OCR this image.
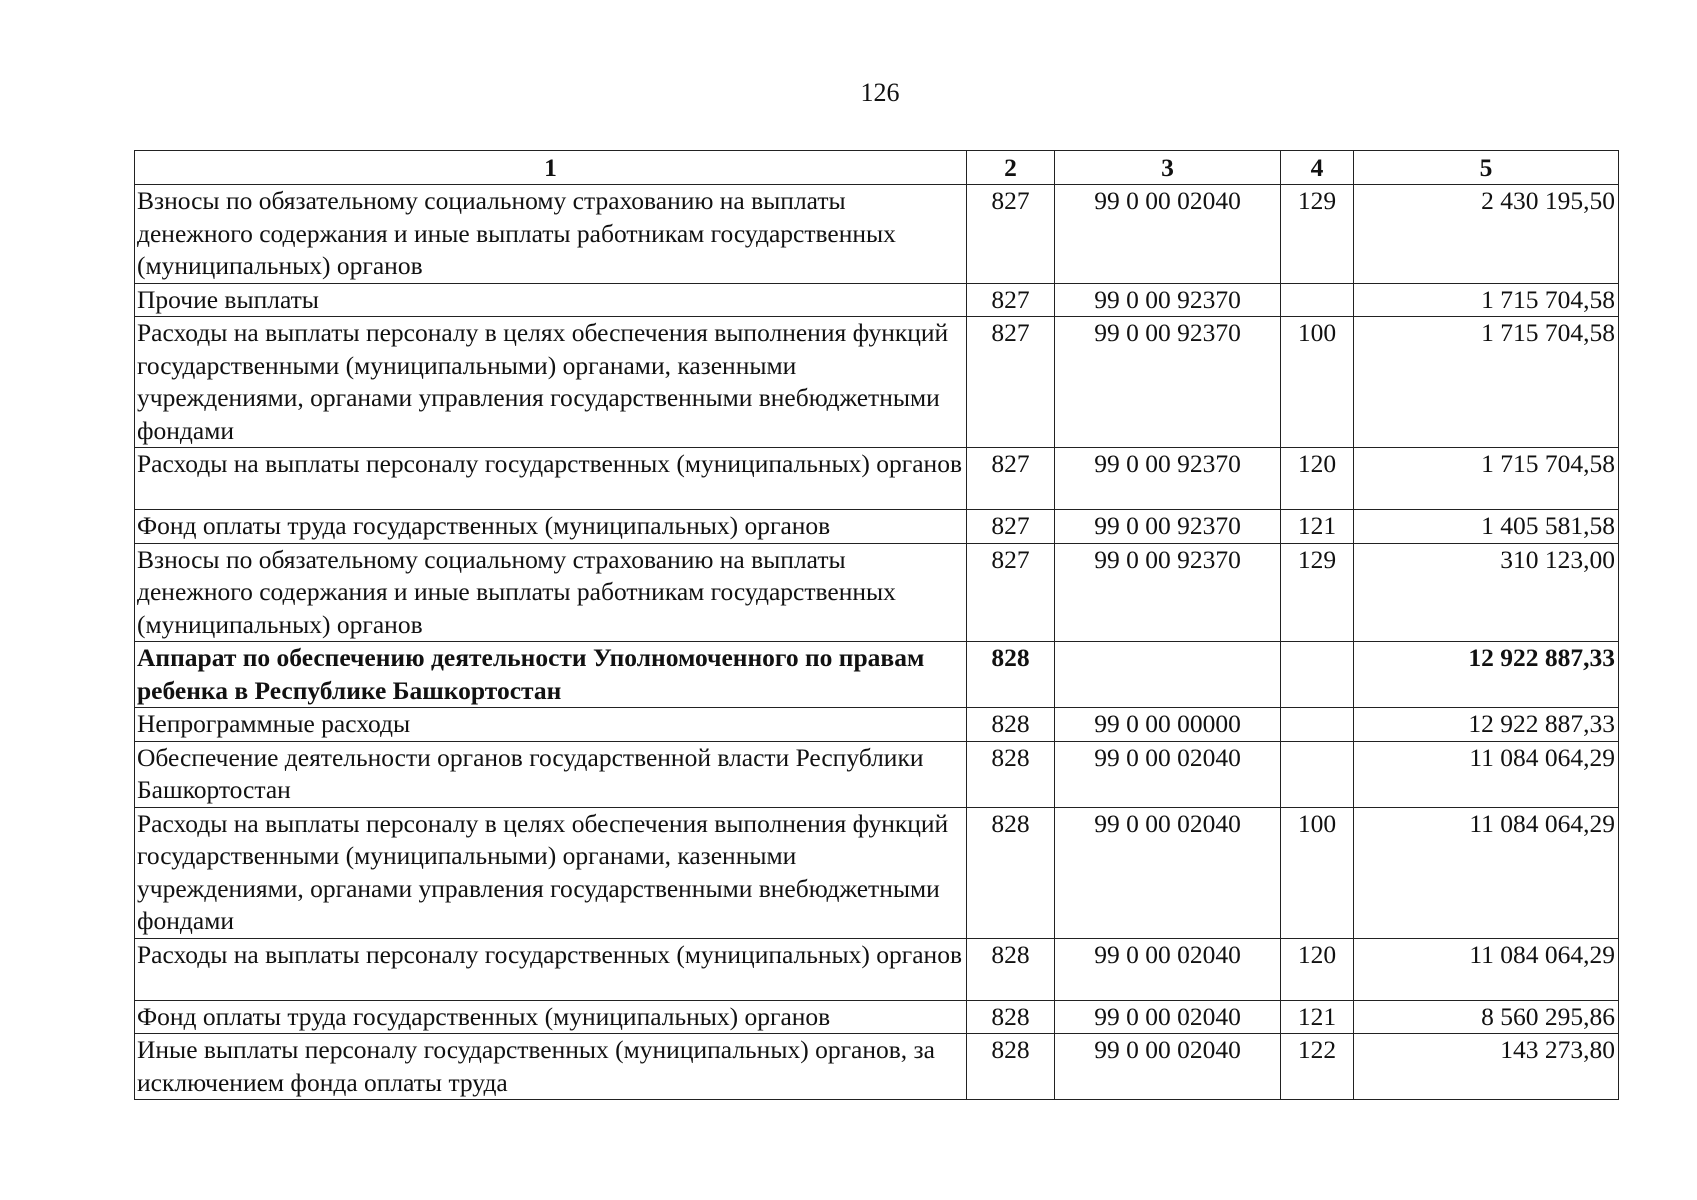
126
1	2	3	4	5
Взносы по обязательному социальному страхованию на выплаты денежного содержания и иные выплаты работникам государственных (муниципальных) органов	827	99 0 00 02040	129	2 430 195,50
Прочие выплаты	827	99 0 00 92370		1 715 704,58
Расходы на выплаты персоналу в целях обеспечения выполнения функций государственными (муниципальными) органами, казенными учреждениями, органами управления государственными внебюджетными фондами	827	99 0 00 92370	100	1 715 704,58
Расходы на выплаты персоналу государственных (муниципальных) органов	827	99 0 00 92370	120	1 715 704,58
Фонд оплаты труда государственных (муниципальных) органов	827	99 0 00 92370	121	1 405 581,58
Взносы по обязательному социальному страхованию на выплаты денежного содержания и иные выплаты работникам государственных (муниципальных) органов	827	99 0 00 92370	129	310 123,00
Аппарат по обеспечению деятельности Уполномоченного по правам ребенка в Республике Башкортостан	828			12 922 887,33
Непрограммные расходы	828	99 0 00 00000		12 922 887,33
Обеспечение деятельности органов государственной власти Республики Башкортостан	828	99 0 00 02040		11 084 064,29
Расходы на выплаты персоналу в целях обеспечения выполнения функций государственными (муниципальными) органами, казенными учреждениями, органами управления государственными внебюджетными фондами	828	99 0 00 02040	100	11 084 064,29
Расходы на выплаты персоналу государственных (муниципальных) органов	828	99 0 00 02040	120	11 084 064,29
Фонд оплаты труда государственных (муниципальных) органов	828	99 0 00 02040	121	8 560 295,86
Иные выплаты персоналу государственных (муниципальных) органов, за исключением фонда оплаты труда	828	99 0 00 02040	122	143 273,80
